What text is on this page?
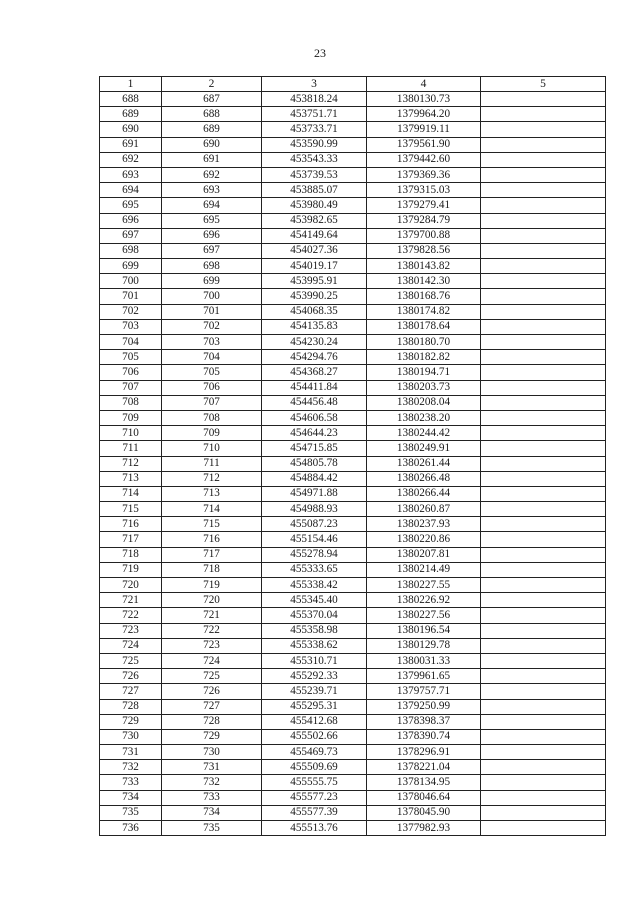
23
1	2	3	4	5
688	687	453818.24	1380130.73	
689	688	453751.71	1379964.20	
690	689	453733.71	1379919.11	
691	690	453590.99	1379561.90	
692	691	453543.33	1379442.60	
693	692	453739.53	1379369.36	
694	693	453885.07	1379315.03	
695	694	453980.49	1379279.41	
696	695	453982.65	1379284.79	
697	696	454149.64	1379700.88	
698	697	454027.36	1379828.56	
699	698	454019.17	1380143.82	
700	699	453995.91	1380142.30	
701	700	453990.25	1380168.76	
702	701	454068.35	1380174.82	
703	702	454135.83	1380178.64	
704	703	454230.24	1380180.70	
705	704	454294.76	1380182.82	
706	705	454368.27	1380194.71	
707	706	454411.84	1380203.73	
708	707	454456.48	1380208.04	
709	708	454606.58	1380238.20	
710	709	454644.23	1380244.42	
711	710	454715.85	1380249.91	
712	711	454805.78	1380261.44	
713	712	454884.42	1380266.48	
714	713	454971.88	1380266.44	
715	714	454988.93	1380260.87	
716	715	455087.23	1380237.93	
717	716	455154.46	1380220.86	
718	717	455278.94	1380207.81	
719	718	455333.65	1380214.49	
720	719	455338.42	1380227.55	
721	720	455345.40	1380226.92	
722	721	455370.04	1380227.56	
723	722	455358.98	1380196.54	
724	723	455338.62	1380129.78	
725	724	455310.71	1380031.33	
726	725	455292.33	1379961.65	
727	726	455239.71	1379757.71	
728	727	455295.31	1379250.99	
729	728	455412.68	1378398.37	
730	729	455502.66	1378390.74	
731	730	455469.73	1378296.91	
732	731	455509.69	1378221.04	
733	732	455555.75	1378134.95	
734	733	455577.23	1378046.64	
735	734	455577.39	1378045.90	
736	735	455513.76	1377982.93	
